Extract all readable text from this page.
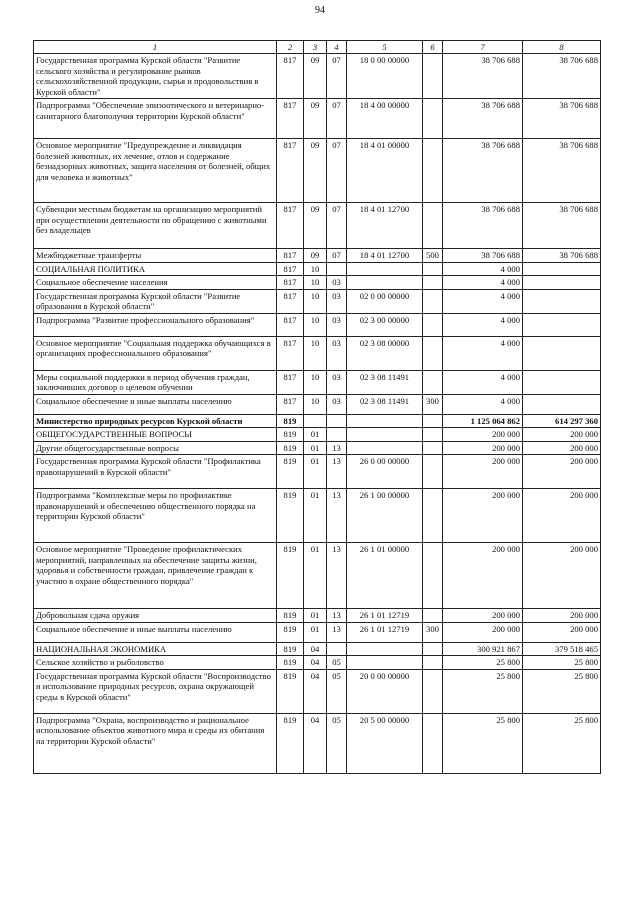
94
1	2	3	4	5	6	7	8
Государственная программа Курской области "Развитие сельского хозяйства и регулирование рынков сельскохозяйственной продукции, сырья и продовольствия в Курской области"	817	09	07	18 0 00 00000		38 706 688	38 706 688
Подпрограмма "Обеспечение эпизоотического и ветеринарно-санитарного благополучия территории Курской области"	817	09	07	18 4 00 00000		38 706 688	38 706 688
Основное мероприятие "Предупреждение и ликвидация болезней животных, их лечение, отлов и содержание безнадзорных животных, защита населения от болезней, общих для человека и животных"	817	09	07	18 4 01 00000		38 706 688	38 706 688
Субвенции местным бюджетам на организацию мероприятий при осуществлении деятельности по обращению с животными без владельцев	817	09	07	18 4 01 12700		38 706 688	38 706 688
Межбюджетные трансферты	817	09	07	18 4 01 12700	500	38 706 688	38 706 688
СОЦИАЛЬНАЯ ПОЛИТИКА	817	10				4 000	
Социальное обеспечение населения	817	10	03			4 000	
Государственная программа Курской области "Развитие образования в Курской области"	817	10	03	02 0 00 00000		4 000	
Подпрограмма "Развитие профессионального образования"	817	10	03	02 3 00 00000		4 000	
Основное мероприятие "Социальная поддержка обучающихся в организациях профессионального образования"	817	10	03	02 3 08 00000		4 000	
Меры социальной поддержки в период обучения граждан, заключивших договор о целевом обучении	817	10	03	02 3 08 11491		4 000	
Социальное обеспечение и иные выплаты населению	817	10	03	02 3 08 11491	300	4 000	
Министерство природных ресурсов Курской области	819					1 125 064 862	614 297 360
ОБЩЕГОСУДАРСТВЕННЫЕ ВОПРОСЫ	819	01				200 000	200 000
Другие общегосударственные вопросы	819	01	13			200 000	200 000
Государственная программа Курской области "Профилактика правонарушений в Курской области"	819	01	13	26 0 00 00000		200 000	200 000
Подпрограмма "Комплексные меры по профилактике правонарушений и обеспечению общественного порядка на территории Курской области"	819	01	13	26 1 00 00000		200 000	200 000
Основное мероприятие "Проведение профилактических мероприятий, направленных на обеспечение защиты жизни, здоровья и собственности граждан, привлечение граждан к участию в охране общественного порядка"	819	01	13	26 1 01 00000		200 000	200 000
Добровольная сдача оружия	819	01	13	26 1 01 12719		200 000	200 000
Социальное обеспечение и иные выплаты населению	819	01	13	26 1 01 12719	300	200 000	200 000
НАЦИОНАЛЬНАЯ ЭКОНОМИКА	819	04				300 921 867	379 518 465
Сельское хозяйство и рыболовство	819	04	05			25 800	25 800
Государственная программа Курской области "Воспроизводство и использование природных ресурсов, охрана окружающей среды в Курской области"	819	04	05	20 0 00 00000		25 800	25 800
Подпрограмма "Охрана, воспроизводство и рациональное использование объектов животного мира и среды их обитания на территории Курской области"	819	04	05	20 5 00 00000		25 800	25 800
